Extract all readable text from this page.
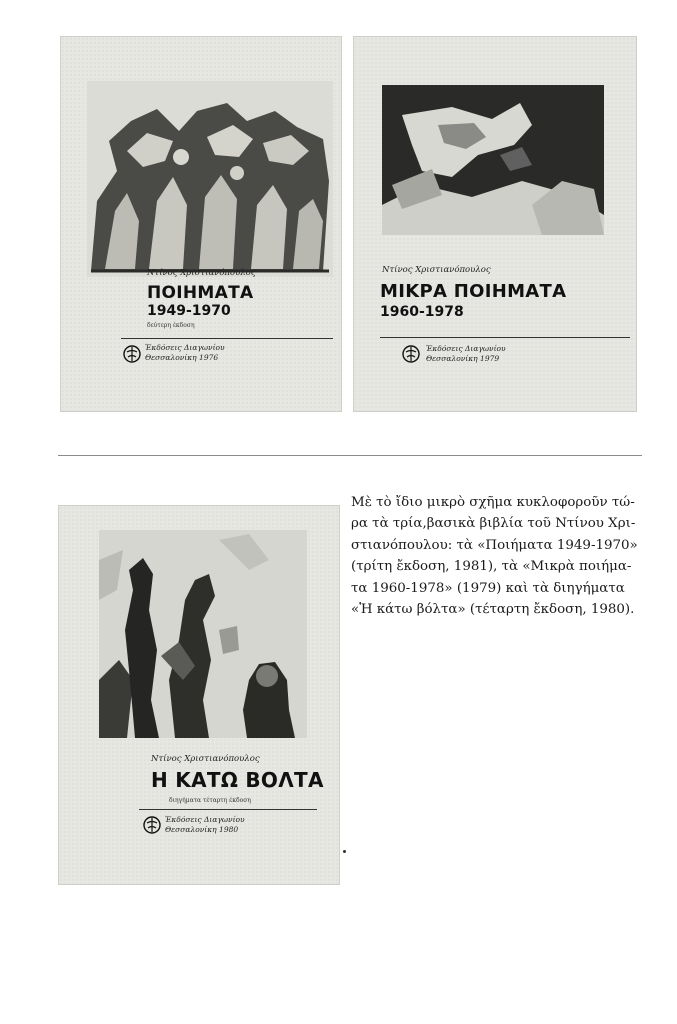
Ντίνος Χριστιανόπουλος
ΠΟΙΗΜΑΤΑ
1949-1970
δεύτερη έκδοση
Ἐκδόσεις Διαγωνίου
Θεσσαλονίκη 1976
Ντίνος Χριστιανόπουλος
ΜΙΚΡΑ ΠΟΙΗΜΑΤΑ
1960-1978
Ἐκδόσεις Διαγωνίου
Θεσσαλονίκη 1979
Ντίνος Χριστιανόπουλος
Η ΚΑΤΩ ΒΟΛΤΑ
διηγήματα τέταρτη έκδοση
Ἐκδόσεις Διαγωνίου
Θεσσαλονίκη 1980

Μὲ τὸ ἴδιο μικρὸ σχῆμα κυκλοφοροῦν τώ-
ρα τὰ τρία,βασικὰ βιβλία τοῦ Ντίνου Χρι-
στιανόπουλου: τὰ «Ποιήματα 1949-1970»
(τρίτη ἔκδοση, 1981), τὰ «Μικρὰ ποιήμα-
τα 1960-1978» (1979) καὶ τὰ διηγήματα
«Ἡ κάτω βόλτα» (τέταρτη ἔκδοση, 1980).
